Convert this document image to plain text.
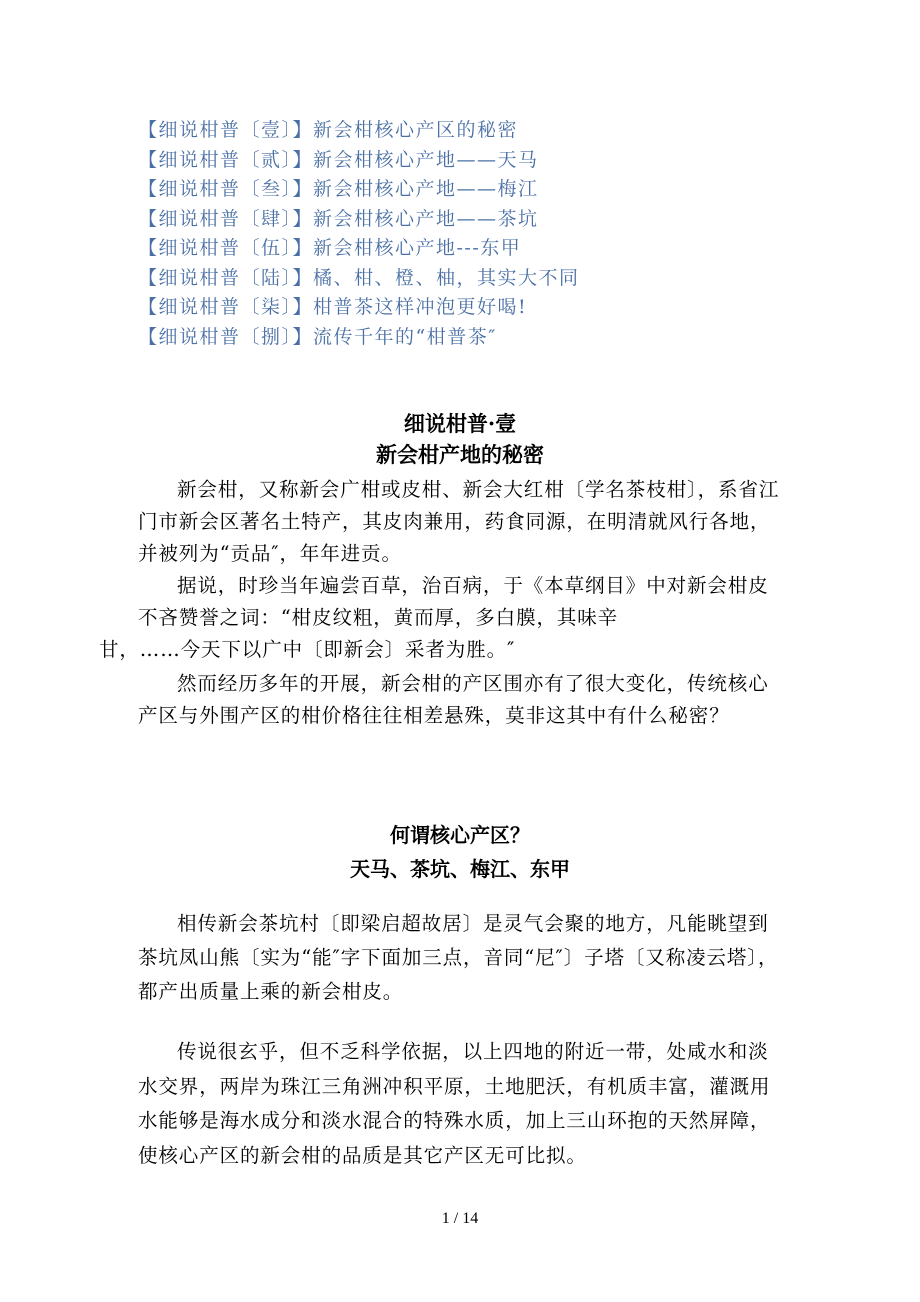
【细说柑普〔壹〕】新会柑核心产区的秘密
【细说柑普〔贰〕】新会柑核心产地——天马
【细说柑普〔叁〕】新会柑核心产地——梅江
【细说柑普〔肆〕】新会柑核心产地——茶坑
【细说柑普〔伍〕】新会柑核心产地---东甲
【细说柑普〔陆〕】橘、柑、橙、柚，其实大不同
【细说柑普〔柒〕】柑普茶这样冲泡更好喝!
【细说柑普〔捌〕】流传千年的“柑普茶″
细说柑普·壹
新会柑产地的秘密

新会柑，又称新会广柑或皮柑、新会大红柑〔学名茶枝柑〕，系省江门市新会区著名土特产，其皮肉兼用，药食同源，在明清就风行各地，并被列为“贡品″，年年进贡。

据说，时珍当年遍尝百草，治百病，于《本草纲目》中对新会柑皮不吝赞誉之词：“柑皮纹粗，黄而厚，多白膜，其味辛
甘，……今天下以广中〔即新会〕采者为胜。″

然而经历多年的开展，新会柑的产区围亦有了很大变化，传统核心产区与外围产区的柑价格往往相差悬殊，莫非这其中有什么秘密？

何谓核心产区？
天马、茶坑、梅江、东甲

相传新会茶坑村〔即梁启超故居〕是灵气会聚的地方，凡能眺望到茶坑凤山熊〔实为“能″字下面加三点，音同“尼″〕子塔〔又称凌云塔〕，都产出质量上乘的新会柑皮。

传说很玄乎，但不乏科学依据，以上四地的附近一带，处咸水和淡水交界，两岸为珠江三角洲冲积平原，土地肥沃，有机质丰富，灌溉用水能够是海水成分和淡水混合的特殊水质，加上三山环抱的天然屏障，使核心产区的新会柑的品质是其它产区无可比拟。

1 / 14
